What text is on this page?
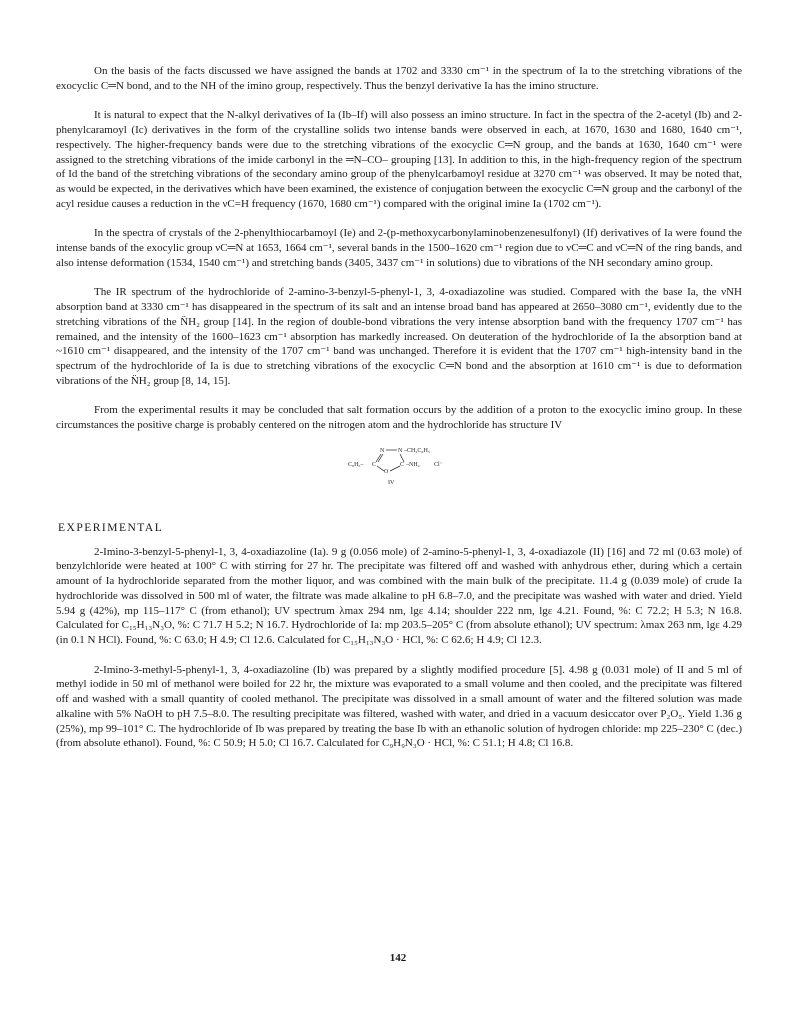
On the basis of the facts discussed we have assigned the bands at 1702 and 3330 cm⁻¹ in the spectrum of Ia to the stretching vibrations of the exocyclic C═N bond, and to the NH of the imino group, respectively. Thus the benzyl derivative Ia has the imino structure.

It is natural to expect that the N-alkyl derivatives of Ia (Ib–If) will also possess an imino structure. In fact in the spectra of the 2-acetyl (Ib) and 2-phenylcaramoyl (Ic) derivatives in the form of the crystalline solids two intense bands were observed in each, at 1670, 1630 and 1680, 1640 cm⁻¹, respectively. The higher-frequency bands were due to the stretching vibrations of the exocyclic C═N group, and the bands at 1630, 1640 cm⁻¹ were assigned to the stretching vibrations of the imide carbonyl in the ═N–CO– grouping [13]. In addition to this, in the high-frequency region of the spectrum of Id the band of the stretching vibrations of the secondary amino group of the phenylcarbamoyl residue at 3270 cm⁻¹ was observed. It may be noted that, as would be expected, in the derivatives which have been examined, the existence of conjugation between the exocyclic C═N group and the carbonyl of the acyl residue causes a reduction in the νC=H frequency (1670, 1680 cm⁻¹) compared with the original imine Ia (1702 cm⁻¹).

In the spectra of crystals of the 2-phenylthiocarbamoyl (Ie) and 2-(p-methoxycarbonylaminobenzenesulfonyl) (If) derivatives of Ia were found the intense bands of the exocylic group νC═N at 1653, 1664 cm⁻¹, several bands in the 1500–1620 cm⁻¹ region due to νC═C and νC═N of the ring bands, and also intense deformation (1534, 1540 cm⁻¹) and stretching bands (3405, 3437 cm⁻¹ in solutions) due to vibrations of the NH secondary amino group.

The IR spectrum of the hydrochloride of 2-amino-3-benzyl-5-phenyl-1, 3, 4-oxadiazoline was studied. Compared with the base Ia, the νNH absorption band at 3330 cm⁻¹ has disappeared in the spectrum of its salt and an intense broad band has appeared at 2650–3080 cm⁻¹, evidently due to the stretching vibrations of the N̈H₂ group [14]. In the region of double-bond vibrations the very intense absorption band with the frequency 1707 cm⁻¹ has remained, and the intensity of the 1600–1623 cm⁻¹ absorption has markedly increased. On deuteration of the hydrochloride of Ia the absorption band at ~1610 cm⁻¹ disappeared, and the intensity of the 1707 cm⁻¹ band was unchanged. Therefore it is evident that the 1707 cm⁻¹ high-intensity band in the spectrum of the hydrochloride of Ia is due to stretching vibrations of the exocyclic C═N bond and the absorption at 1610 cm⁻¹ is due to deformation vibrations of the N̈H₂ group [8, 14, 15].

From the experimental results it may be concluded that salt formation occurs by the addition of a proton to the exocyclic imino group. In these circumstances the positive charge is probably centered on the nitrogen atom and the hydrochloride has structure IV

N N –CH₂C₆H₅
C₆H₅– C
O
C –NH₂ Cl⁻
IV
EXPERIMENTAL

2-Imino-3-benzyl-5-phenyl-1, 3, 4-oxadiazoline (Ia). 9 g (0.056 mole) of 2-amino-5-phenyl-1, 3, 4-oxadiazole (II) [16] and 72 ml (0.63 mole) of benzylchloride were heated at 100° C with stirring for 27 hr. The precipitate was filtered off and washed with anhydrous ether, during which a certain amount of Ia hydrochloride separated from the mother liquor, and was combined with the main bulk of the precipitate. 11.4 g (0.039 mole) of crude Ia hydrochloride was dissolved in 500 ml of water, the filtrate was made alkaline to pH 6.8–7.0, and the precipitate was washed with water and dried. Yield 5.94 g (42%), mp 115–117° C (from ethanol); UV spectrum λmax 294 nm, lgε 4.14; shoulder 222 nm, lgε 4.21. Found, %: C 72.2; H 5.3; N 16.8. Calculated for C₁₅H₁₃N₃O, %: C 71.7 H 5.2; N 16.7. Hydrochloride of Ia: mp 203.5–205° C (from absolute ethanol); UV spectrum: λmax 263 nm, lgε 4.29 (in 0.1 N HCl). Found, %: C 63.0; H 4.9; Cl 12.6. Calculated for C₁₅H₁₃N₃O · HCl, %: C 62.6; H 4.9; Cl 12.3.

2-Imino-3-methyl-5-phenyl-1, 3, 4-oxadiazoline (Ib) was prepared by a slightly modified procedure [5]. 4.98 g (0.031 mole) of II and 5 ml of methyl iodide in 50 ml of methanol were boiled for 22 hr, the mixture was evaporated to a small volume and then cooled, and the precipitate was filtered off and washed with a small quantity of cooled methanol. The precipitate was dissolved in a small amount of water and the filtered solution was made alkaline with 5% NaOH to pH 7.5–8.0. The resulting precipitate was filtered, washed with water, and dried in a vacuum desiccator over P₂O₅. Yield 1.36 g (25%), mp 99–101° C. The hydrochloride of Ib was prepared by treating the base Ib with an ethanolic solution of hydrogen chloride: mp 225–230° C (dec.) (from absolute ethanol). Found, %: C 50.9; H 5.0; Cl 16.7. Calculated for C₉H₉N₃O · HCl, %: C 51.1; H 4.8; Cl 16.8.

142
